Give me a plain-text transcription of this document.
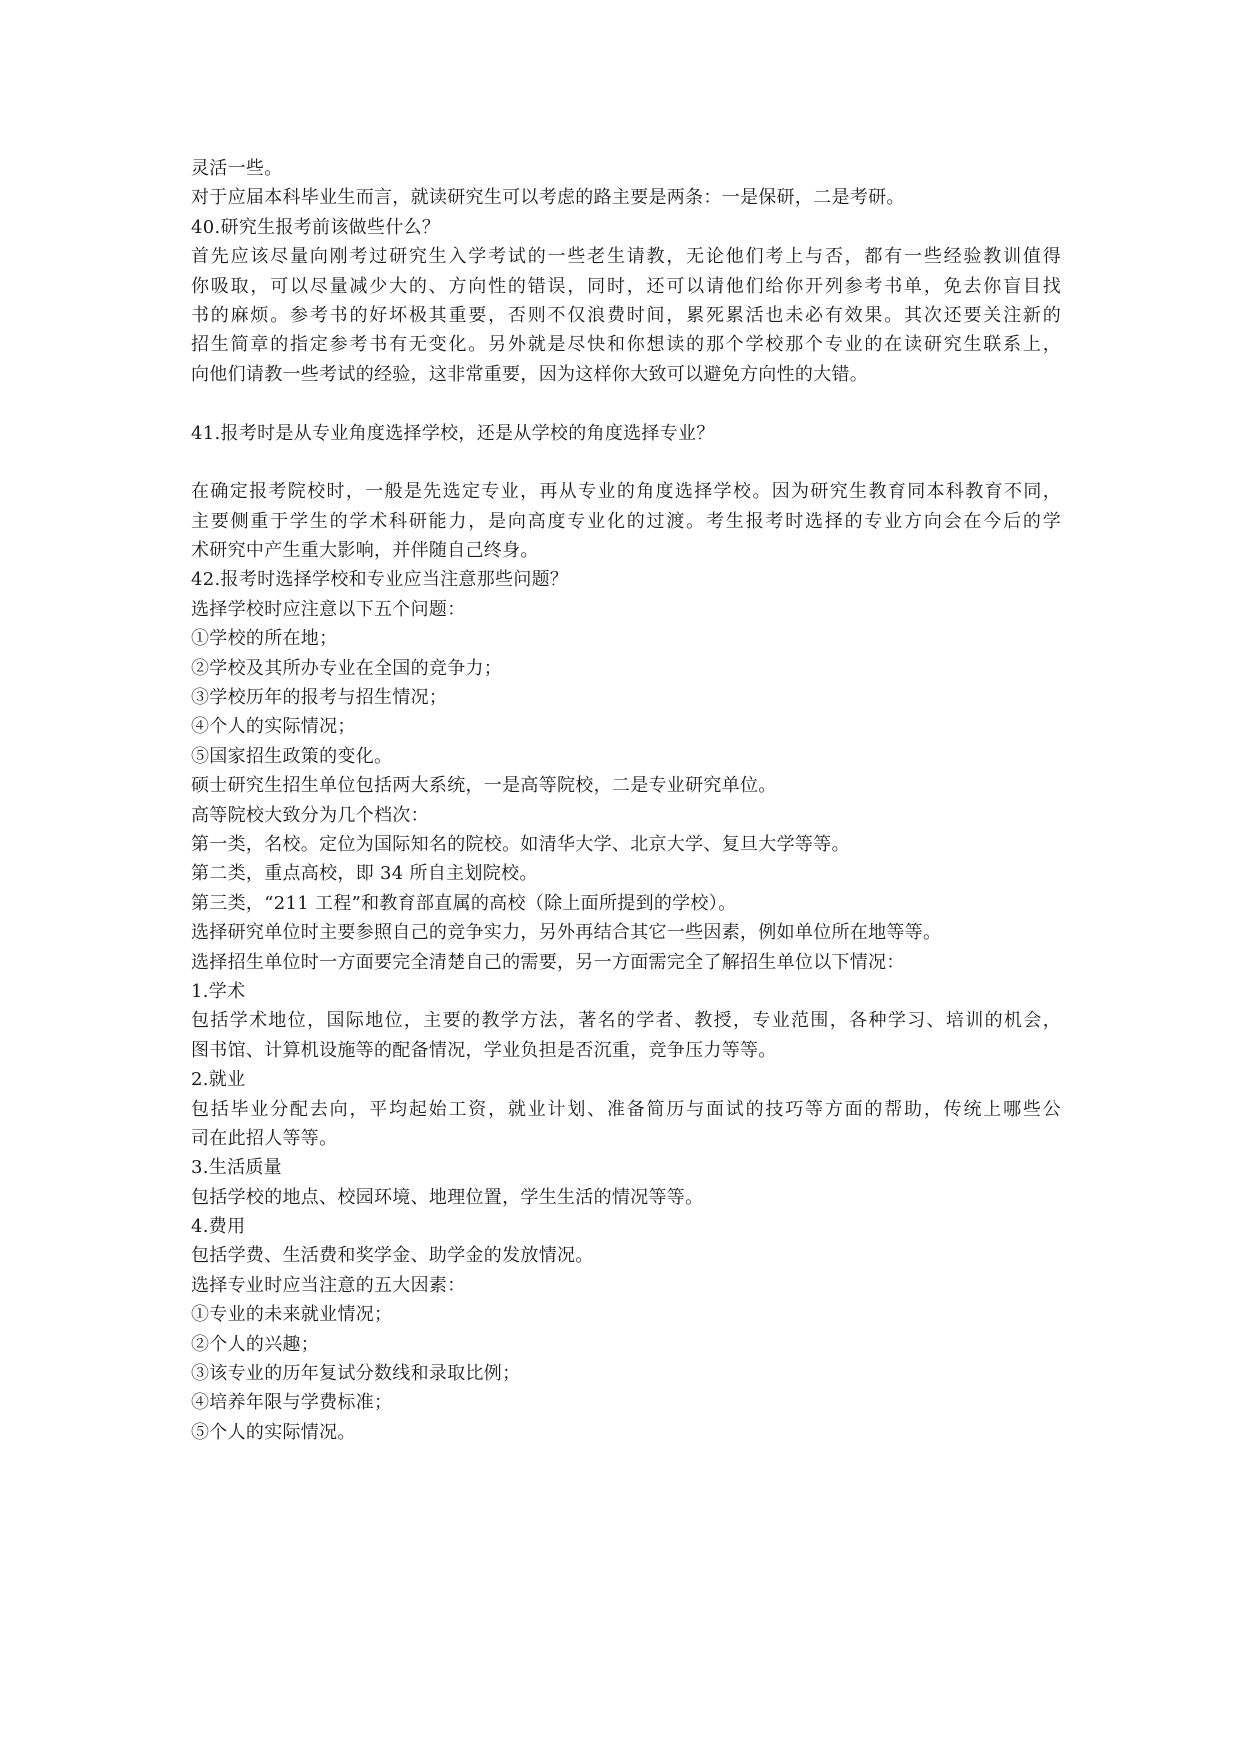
灵活一些。
对于应届本科毕业生而言，就读研究生可以考虑的路主要是两条：一是保研，二是考研。
40.研究生报考前该做些什么？
首先应该尽量向刚考过研究生入学考试的一些老生请教，无论他们考上与否，都有一些经验教训值得
你吸取，可以尽量减少大的、方向性的错误，同时，还可以请他们给你开列参考书单，免去你盲目找
书的麻烦。参考书的好坏极其重要，否则不仅浪费时间，累死累活也未必有效果。其次还要关注新的
招生简章的指定参考书有无变化。另外就是尽快和你想读的那个学校那个专业的在读研究生联系上，
向他们请教一些考试的经验，这非常重要，因为这样你大致可以避免方向性的大错。
41.报考时是从专业角度选择学校，还是从学校的角度选择专业？
在确定报考院校时，一般是先选定专业，再从专业的角度选择学校。因为研究生教育同本科教育不同，
主要侧重于学生的学术科研能力，是向高度专业化的过渡。考生报考时选择的专业方向会在今后的学
术研究中产生重大影响，并伴随自己终身。
42.报考时选择学校和专业应当注意那些问题？
选择学校时应注意以下五个问题：
①学校的所在地；
②学校及其所办专业在全国的竞争力；
③学校历年的报考与招生情况；
④个人的实际情况；
⑤国家招生政策的变化。
硕士研究生招生单位包括两大系统，一是高等院校，二是专业研究单位。
高等院校大致分为几个档次：
第一类，名校。定位为国际知名的院校。如清华大学、北京大学、复旦大学等等。
第二类，重点高校，即 34 所自主划院校。
第三类，“211 工程”和教育部直属的高校（除上面所提到的学校）。
选择研究单位时主要参照自己的竞争实力，另外再结合其它一些因素，例如单位所在地等等。
选择招生单位时一方面要完全清楚自己的需要，另一方面需完全了解招生单位以下情况：
1.学术
包括学术地位，国际地位，主要的教学方法，著名的学者、教授，专业范围，各种学习、培训的机会，
图书馆、计算机设施等的配备情况，学业负担是否沉重，竞争压力等等。
2.就业
包括毕业分配去向，平均起始工资，就业计划、准备简历与面试的技巧等方面的帮助，传统上哪些公
司在此招人等等。
3.生活质量
包括学校的地点、校园环境、地理位置，学生生活的情况等等。
4.费用
包括学费、生活费和奖学金、助学金的发放情况。
选择专业时应当注意的五大因素：
①专业的未来就业情况；
②个人的兴趣；
③该专业的历年复试分数线和录取比例；
④培养年限与学费标准；
⑤个人的实际情况。
